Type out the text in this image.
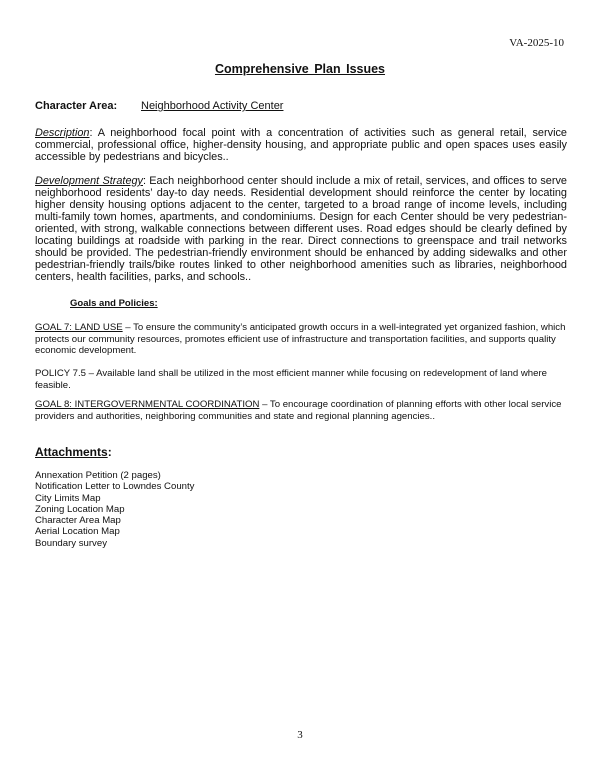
VA-2025-10
Comprehensive Plan Issues
Character Area: Neighborhood Activity Center
Description: A neighborhood focal point with a concentration of activities such as general retail, service commercial, professional office, higher-density housing, and appropriate public and open spaces uses easily accessible by pedestrians and bicycles..
Development Strategy: Each neighborhood center should include a mix of retail, services, and offices to serve neighborhood residents’ day-to day needs. Residential development should reinforce the center by locating higher density housing options adjacent to the center, targeted to a broad range of income levels, including multi-family town homes, apartments, and condominiums. Design for each Center should be very pedestrian-oriented, with strong, walkable connections between different uses. Road edges should be clearly defined by locating buildings at roadside with parking in the rear. Direct connections to greenspace and trail networks should be provided. The pedestrian-friendly environment should be enhanced by adding sidewalks and other pedestrian-friendly trails/bike routes linked to other neighborhood amenities such as libraries, neighborhood centers, health facilities, parks, and schools..
Goals and Policies:
GOAL 7: LAND USE – To ensure the community’s anticipated growth occurs in a well-integrated yet organized fashion, which protects our community resources, promotes efficient use of infrastructure and transportation facilities, and supports quality economic development.
POLICY 7.5 – Available land shall be utilized in the most efficient manner while focusing on redevelopment of land where feasible.
GOAL 8: INTERGOVERNMENTAL COORDINATION – To encourage coordination of planning efforts with other local service providers and authorities, neighboring communities and state and regional planning agencies..
Attachments:
Annexation Petition (2 pages)
Notification Letter to Lowndes County
City Limits Map
Zoning Location Map
Character Area Map
Aerial Location Map
Boundary survey
3
